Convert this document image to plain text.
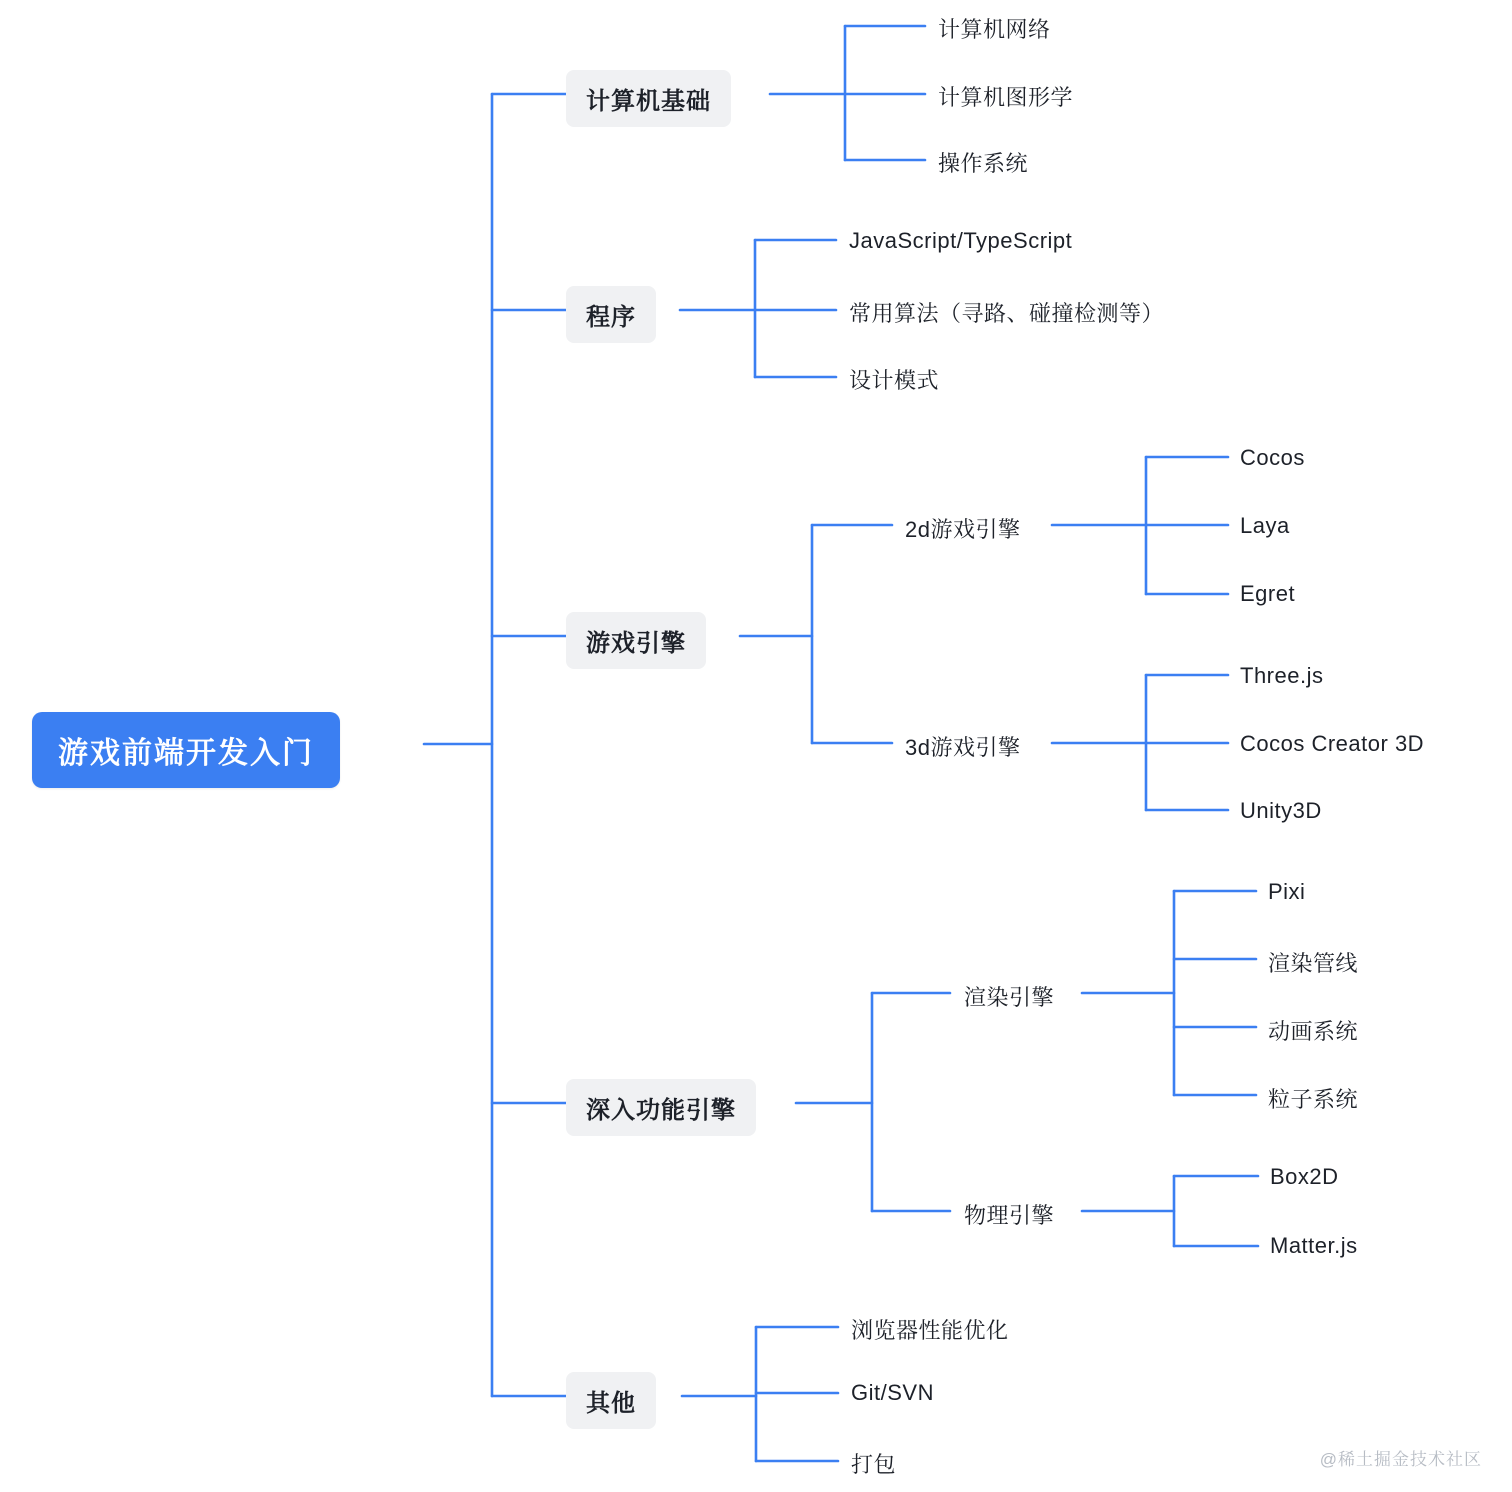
游戏前端开发入门
计算机基础
计算机网络
计算机图形学
操作系统
程序
JavaScript/TypeScript
常用算法（寻路、碰撞检测等）
设计模式
游戏引擎
2d游戏引擎
Cocos
Laya
Egret
3d游戏引擎
Three.js
Cocos Creator 3D
Unity3D
深入功能引擎
渲染引擎
Pixi
渲染管线
动画系统
粒子系统
物理引擎
Box2D
Matter.js
其他
浏览器性能优化
Git/SVN
打包	@稀土掘金技术社区
